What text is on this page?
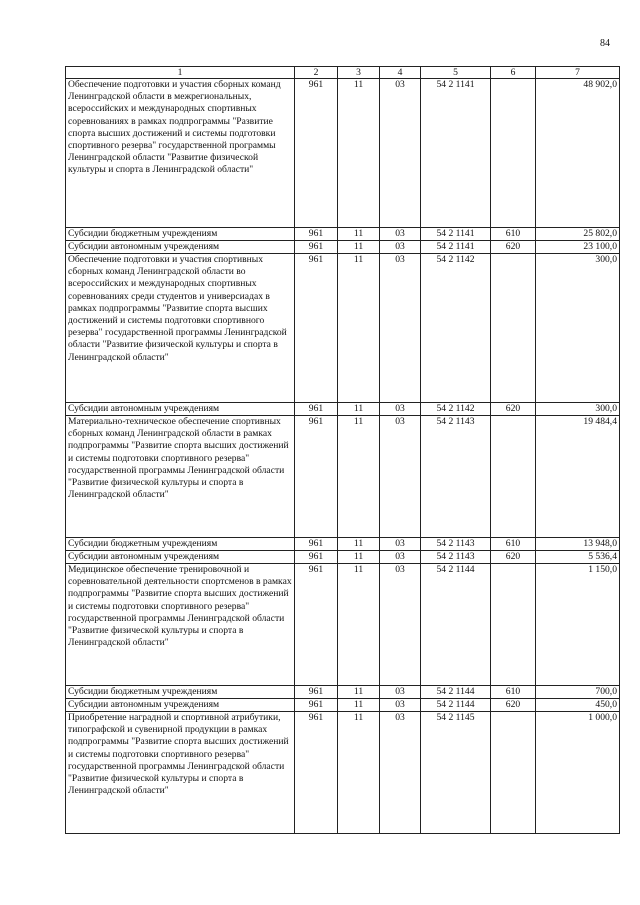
84
1	2	3	4	5	6	7
Обеспечение подготовки и участия сборных команд Ленинградской области в межрегиональных, всероссийских и международных спортивных соревнованиях в рамках подпрограммы "Развитие спорта высших достижений и системы подготовки спортивного резерва" государственной программы Ленинградской области "Развитие физической культуры и спорта в Ленинградской области"	961	11	03	54 2 1141		48 902,0
Субсидии бюджетным учреждениям	961	11	03	54 2 1141	610	25 802,0
Субсидии автономным учреждениям	961	11	03	54 2 1141	620	23 100,0
Обеспечение подготовки и участия спортивных сборных команд Ленинградской области во всероссийских и международных спортивных соревнованиях среди студентов и универсиадах в рамках подпрограммы "Развитие спорта высших достижений и системы подготовки спортивного резерва" государственной программы Ленинградской области "Развитие физической культуры и спорта в Ленинградской области"	961	11	03	54 2 1142		300,0
Субсидии автономным учреждениям	961	11	03	54 2 1142	620	300,0
Материально-техническое обеспечение спортивных сборных команд Ленинградской области в рамках подпрограммы "Развитие спорта высших достижений и системы подготовки спортивного резерва" государственной программы Ленинградской области "Развитие физической культуры и спорта в Ленинградской области"	961	11	03	54 2 1143		19 484,4
Субсидии бюджетным учреждениям	961	11	03	54 2 1143	610	13 948,0
Субсидии автономным учреждениям	961	11	03	54 2 1143	620	5 536,4
Медицинское обеспечение тренировочной и соревновательной деятельности спортсменов в рамках подпрограммы "Развитие спорта высших достижений и системы подготовки спортивного резерва" государственной программы Ленинградской области "Развитие физической культуры и спорта в Ленинградской области"	961	11	03	54 2 1144		1 150,0
Субсидии бюджетным учреждениям	961	11	03	54 2 1144	610	700,0
Субсидии автономным учреждениям	961	11	03	54 2 1144	620	450,0
Приобретение наградной и спортивной атрибутики, типографской и сувенирной продукции в рамках подпрограммы "Развитие спорта высших достижений и системы подготовки спортивного резерва" государственной программы Ленинградской области "Развитие физической культуры и спорта в Ленинградской области"	961	11	03	54 2 1145		1 000,0
